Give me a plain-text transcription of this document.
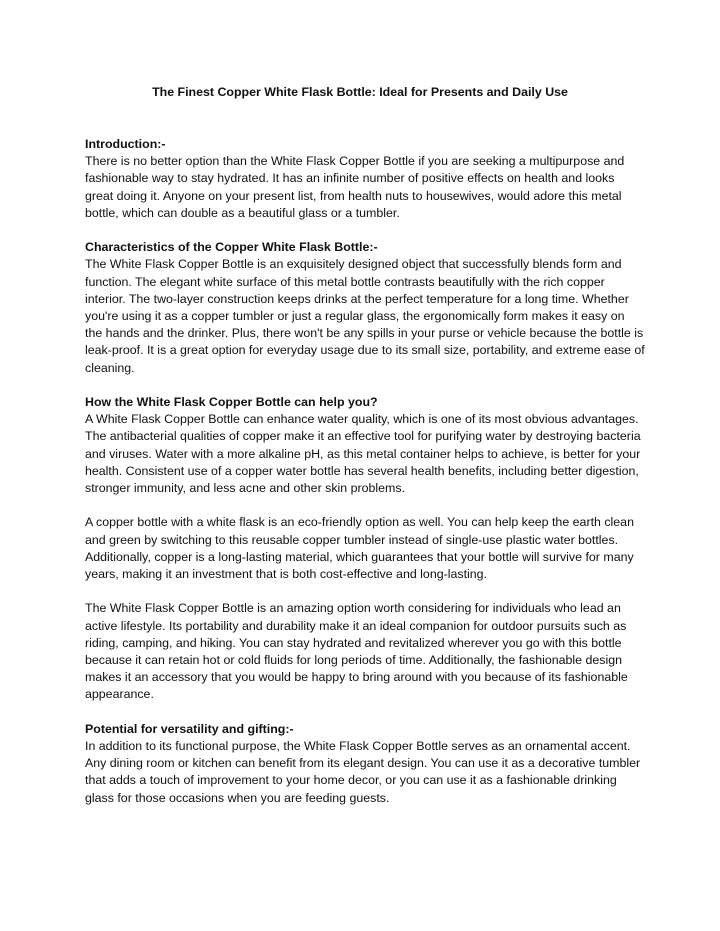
The Finest Copper White Flask Bottle: Ideal for Presents and Daily Use

Introduction:-

There is no better option than the White Flask Copper Bottle if you are seeking a multipurpose and fashionable way to stay hydrated. It has an infinite number of positive effects on health and looks great doing it. Anyone on your present list, from health nuts to housewives, would adore this metal bottle, which can double as a beautiful glass or a tumbler.

Characteristics of the Copper White Flask Bottle:-

The White Flask Copper Bottle is an exquisitely designed object that successfully blends form and function. The elegant white surface of this metal bottle contrasts beautifully with the rich copper interior. The two-layer construction keeps drinks at the perfect temperature for a long time. Whether you're using it as a copper tumbler or just a regular glass, the ergonomically form makes it easy on the hands and the drinker. Plus, there won't be any spills in your purse or vehicle because the bottle is leak-proof. It is a great option for everyday usage due to its small size, portability, and extreme ease of cleaning.

How the White Flask Copper Bottle can help you?

A White Flask Copper Bottle can enhance water quality, which is one of its most obvious advantages. The antibacterial qualities of copper make it an effective tool for purifying water by destroying bacteria and viruses. Water with a more alkaline pH, as this metal container helps to achieve, is better for your health. Consistent use of a copper water bottle has several health benefits, including better digestion, stronger immunity, and less acne and other skin problems.

A copper bottle with a white flask is an eco-friendly option as well. You can help keep the earth clean and green by switching to this reusable copper tumbler instead of single-use plastic water bottles. Additionally, copper is a long-lasting material, which guarantees that your bottle will survive for many years, making it an investment that is both cost-effective and long-lasting.

The White Flask Copper Bottle is an amazing option worth considering for individuals who lead an active lifestyle. Its portability and durability make it an ideal companion for outdoor pursuits such as riding, camping, and hiking. You can stay hydrated and revitalized wherever you go with this bottle because it can retain hot or cold fluids for long periods of time. Additionally, the fashionable design makes it an accessory that you would be happy to bring around with you because of its fashionable appearance.

Potential for versatility and gifting:-

In addition to its functional purpose, the White Flask Copper Bottle serves as an ornamental accent. Any dining room or kitchen can benefit from its elegant design. You can use it as a decorative tumbler that adds a touch of improvement to your home decor, or you can use it as a fashionable drinking glass for those occasions when you are feeding guests.
